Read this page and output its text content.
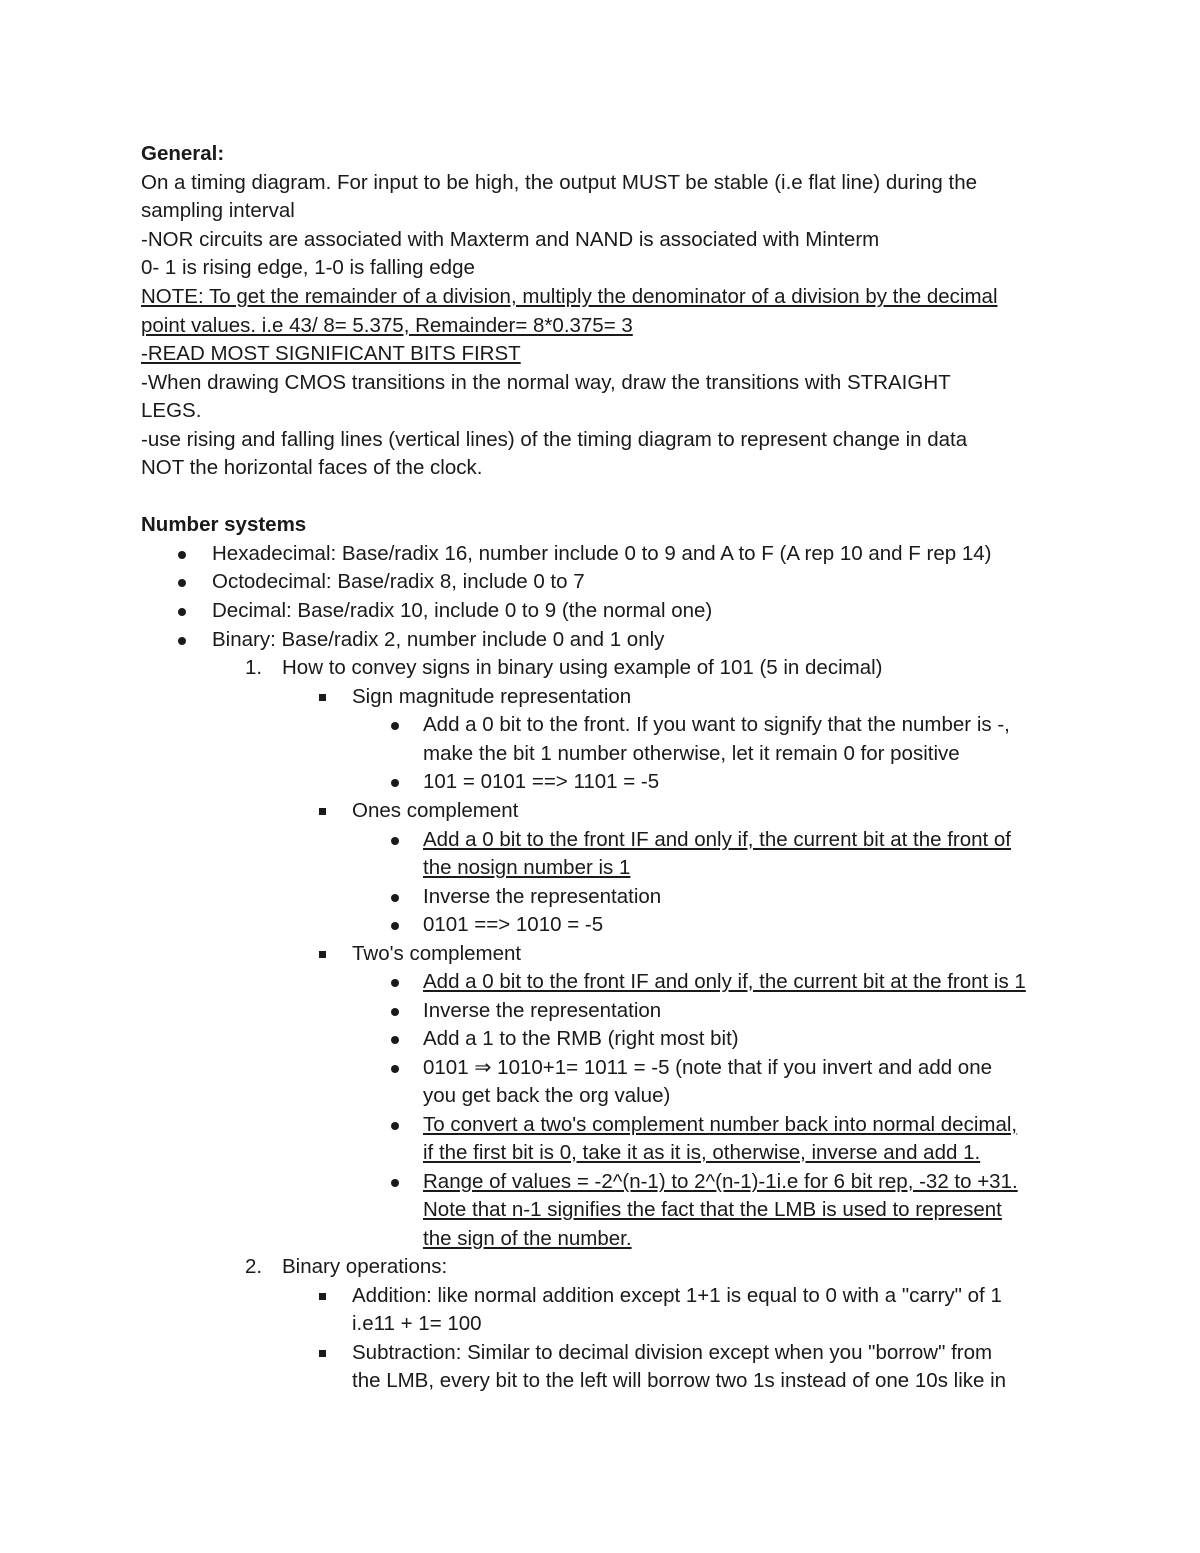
General:
On a timing diagram. For input to be high, the output MUST be stable (i.e flat line) during the
sampling interval
-NOR circuits are associated with Maxterm and NAND is associated with Minterm
0- 1 is rising edge, 1-0 is falling edge
NOTE: To get the remainder of a division, multiply the denominator of a division by the decimal
point values. i.e 43/ 8= 5.375, Remainder= 8*0.375= 3
-READ MOST SIGNIFICANT BITS FIRST
-When drawing CMOS transitions in the normal way, draw the transitions with STRAIGHT
LEGS.
-use rising and falling lines (vertical lines) of the timing diagram to represent change in data
NOT the horizontal faces of the clock.
Number systems
Hexadecimal: Base/radix 16, number include 0 to 9 and A to F (A rep 10 and F rep 14)
Octodecimal: Base/radix 8, include 0 to 7
Decimal: Base/radix 10, include 0 to 9 (the normal one)
Binary: Base/radix 2, number include 0 and 1 only
1. How to convey signs in binary using example of 101 (5 in decimal)
Sign magnitude representation
Add a 0 bit to the front. If you want to signify that the number is -,
make the bit 1 number otherwise, let it remain 0 for positive
101 = 0101 ==> 1101 = -5
Ones complement
Add a 0 bit to the front IF and only if, the current bit at the front of
the nosign number is 1
Inverse the representation
0101 ==> 1010 = -5
Two's complement
Add a 0 bit to the front IF and only if, the current bit at the front is 1
Inverse the representation
Add a 1 to the RMB (right most bit)
0101 ⇒ 1010+1= 1011 = -5 (note that if you invert and add one
you get back the org value)
To convert a two's complement number back into normal decimal,
if the first bit is 0, take it as it is, otherwise, inverse and add 1.
Range of values = -2^(n-1) to 2^(n-1)-1i.e for 6 bit rep, -32 to +31.
Note that n-1 signifies the fact that the LMB is used to represent
the sign of the number.
2. Binary operations:
Addition: like normal addition except 1+1 is equal to 0 with a "carry" of 1
i.e11 + 1= 100
Subtraction: Similar to decimal division except when you "borrow" from
the LMB, every bit to the left will borrow two 1s instead of one 10s like in
